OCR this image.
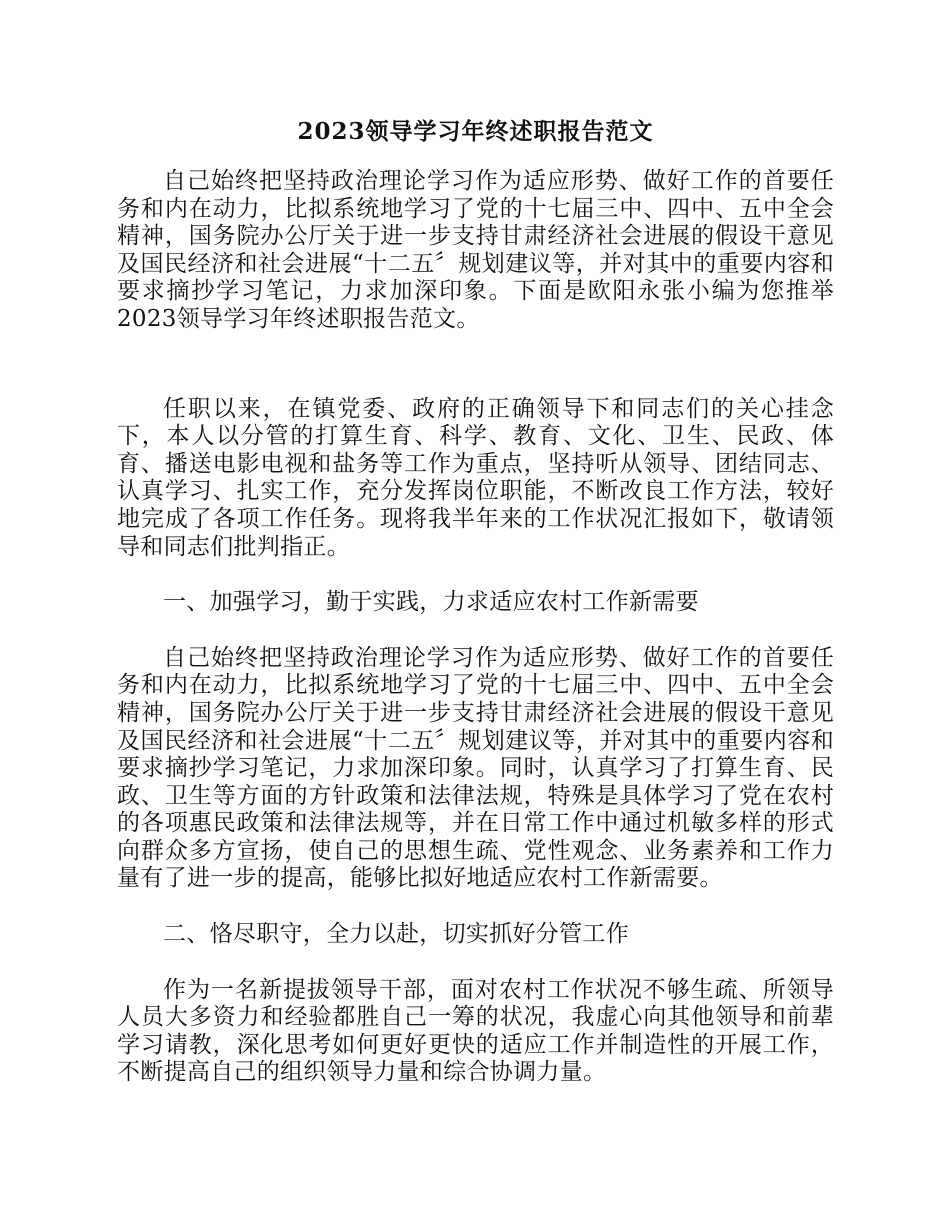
2023领导学习年终述职报告范文

自己始终把坚持政治理论学习作为适应形势、做好工作的首要任务和内在动力，比拟系统地学习了党的十七届三中、四中、五中全会精神，国务院办公厅关于进一步支持甘肃经济社会进展的假设干意见及国民经济和社会进展“十二五〞规划建议等，并对其中的重要内容和要求摘抄学习笔记，力求加深印象。下面是欧阳永张小编为您推举2023领导学习年终述职报告范文。

任职以来，在镇党委、政府的正确领导下和同志们的关心挂念下，本人以分管的打算生育、科学、教育、文化、卫生、民政、体育、播送电影电视和盐务等工作为重点，坚持听从领导、团结同志、认真学习、扎实工作，充分发挥岗位职能，不断改良工作方法，较好地完成了各项工作任务。现将我半年来的工作状况汇报如下，敬请领导和同志们批判指正。

一、加强学习，勤于实践，力求适应农村工作新需要

自己始终把坚持政治理论学习作为适应形势、做好工作的首要任务和内在动力，比拟系统地学习了党的十七届三中、四中、五中全会精神，国务院办公厅关于进一步支持甘肃经济社会进展的假设干意见及国民经济和社会进展“十二五〞规划建议等，并对其中的重要内容和要求摘抄学习笔记，力求加深印象。同时，认真学习了打算生育、民政、卫生等方面的方针政策和法律法规，特殊是具体学习了党在农村的各项惠民政策和法律法规等，并在日常工作中通过机敏多样的形式向群众多方宣扬，使自己的思想生疏、党性观念、业务素养和工作力量有了进一步的提高，能够比拟好地适应农村工作新需要。

二、恪尽职守，全力以赴，切实抓好分管工作

作为一名新提拔领导干部，面对农村工作状况不够生疏、所领导人员大多资力和经验都胜自己一筹的状况，我虚心向其他领导和前辈学习请教，深化思考如何更好更快的适应工作并制造性的开展工作，不断提高自己的组织领导力量和综合协调力量。
